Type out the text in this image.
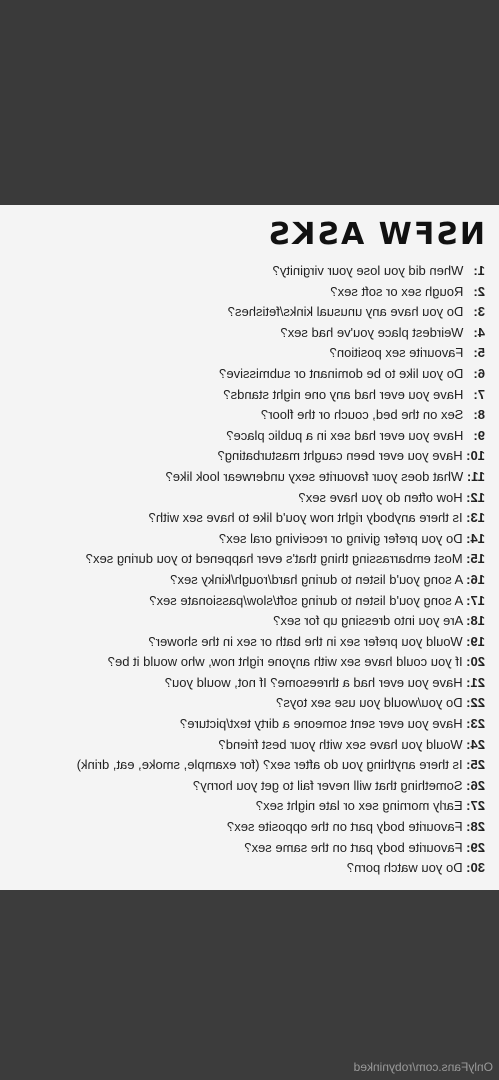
NSFW ASKS
1: When did you lose your virginity?
2: Rough sex or soft sex?
3: Do you have any unusual kinks/fetishes?
4: Weirdest place you've had sex?
5: Favourite sex position?
6: Do you like to be dominant or submissive?
7: Have you ever had any one night stands?
8: Sex on the bed, couch or the floor?
9: Have you ever had sex in a public place?
10: Have you ever been caught masturbating?
11: What does your favourite sexy underwear look like?
12: How often do you have sex?
13: Is there anybody right now you'd like to have sex with?
14: Do you prefer giving or receiving oral sex?
15: Most embarrassing thing that's ever happened to you during sex?
16: A song you'd listen to during hard/rough/kinky sex?
17: A song you'd listen to during soft/slow/passionate sex?
18: Are you into dressing up for sex?
19: Would you prefer sex in the bath or sex in the shower?
20: If you could have sex with anyone right now, who would it be?
21: Have you ever had a threesome? If not, would you?
22: Do you/would you use sex toys?
23: Have you ever sent someone a dirty text/picture?
24: Would you have sex with your best friend?
25: Is there anything you do after sex? (for example, smoke, eat, drink)
26: Something that will never fail to get you horny?
27: Early morning sex or late night sex?
28: Favourite body part on the opposite sex?
29: Favourite body part on the same sex?
30: Do you watch porn?
OnlyFans.com/robyninked
